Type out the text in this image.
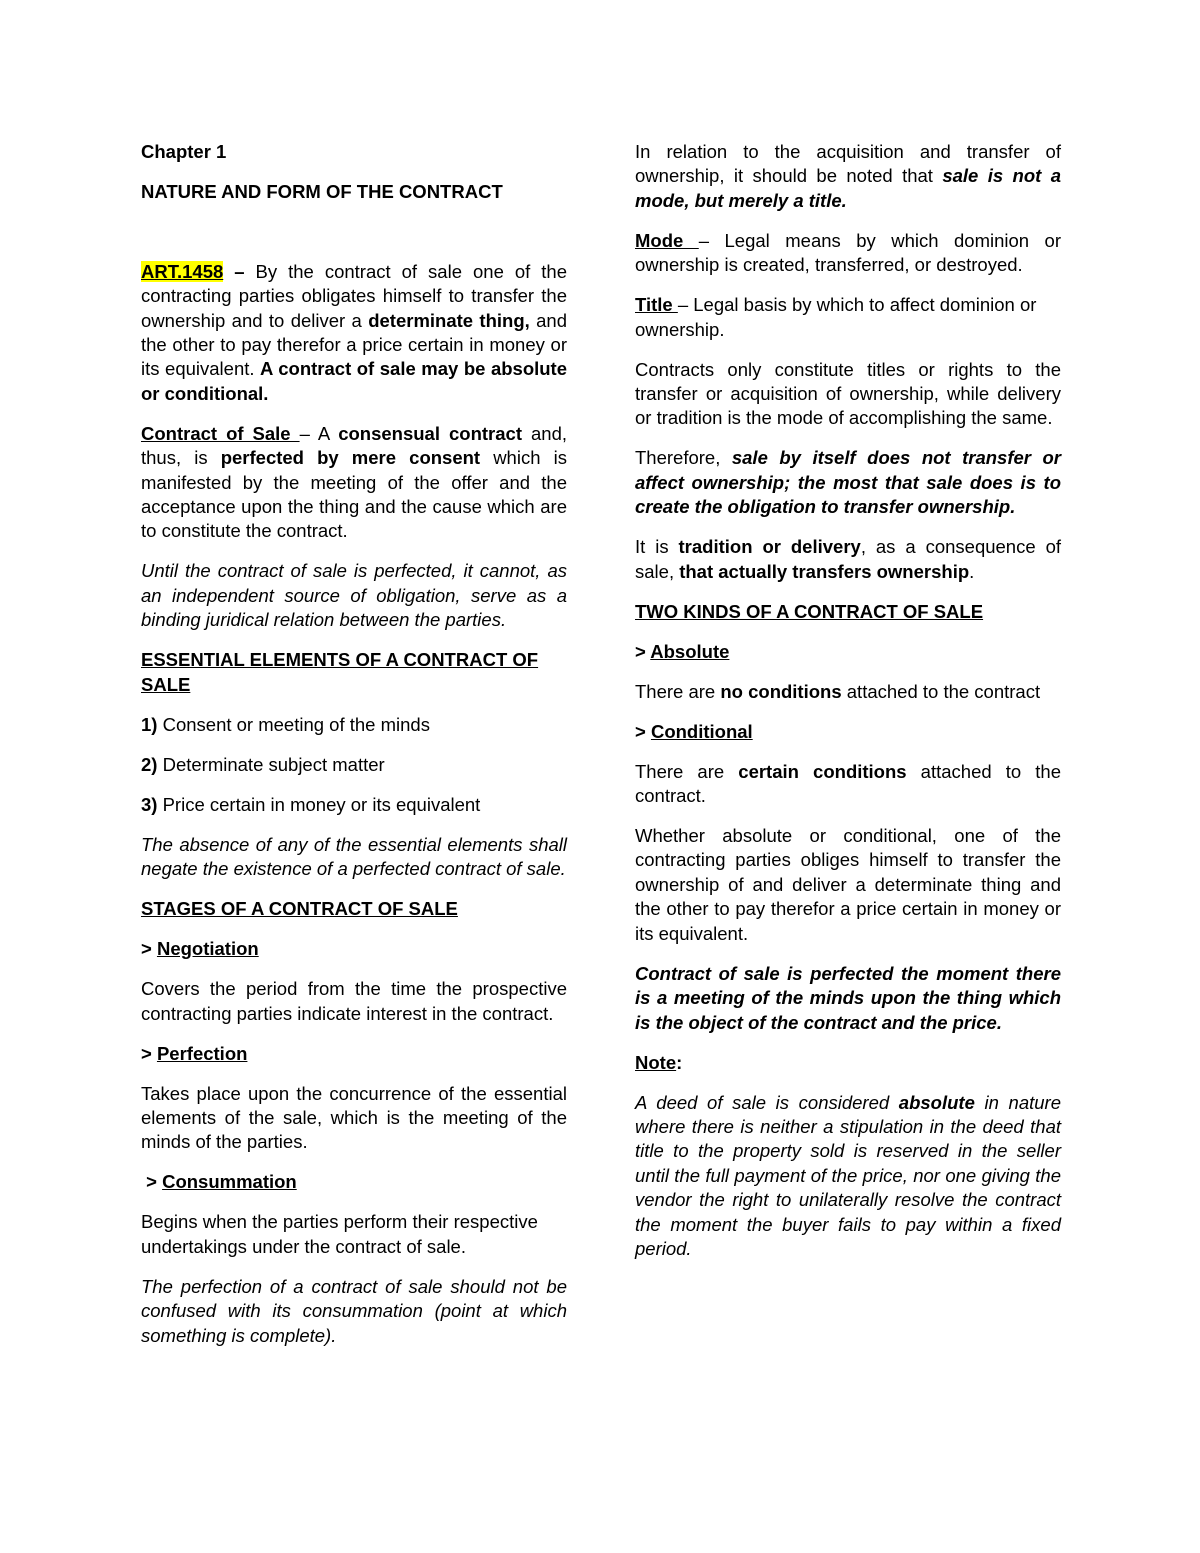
Chapter 1

NATURE AND FORM OF THE CONTRACT

ART.1458 – By the contract of sale one of the contracting parties obligates himself to transfer the ownership and to deliver a determinate thing, and the other to pay therefor a price certain in money or its equivalent. A contract of sale may be absolute or conditional.

Contract of Sale – A consensual contract and, thus, is perfected by mere consent which is manifested by the meeting of the offer and the acceptance upon the thing and the cause which are to constitute the contract.

Until the contract of sale is perfected, it cannot, as an independent source of obligation, serve as a binding juridical relation between the parties.

ESSENTIAL ELEMENTS OF A CONTRACT OF SALE

1) Consent or meeting of the minds

2) Determinate subject matter

3) Price certain in money or its equivalent

The absence of any of the essential elements shall negate the existence of a perfected contract of sale.

STAGES OF A CONTRACT OF SALE

> Negotiation

Covers the period from the time the prospective contracting parties indicate interest in the contract.

> Perfection

Takes place upon the concurrence of the essential elements of the sale, which is the meeting of the minds of the parties.

> Consummation

Begins when the parties perform their respective undertakings under the contract of sale.

The perfection of a contract of sale should not be confused with its consummation (point at which something is complete).

In relation to the acquisition and transfer of ownership, it should be noted that sale is not a mode, but merely a title.

Mode – Legal means by which dominion or ownership is created, transferred, or destroyed.

Title – Legal basis by which to affect dominion or ownership.

Contracts only constitute titles or rights to the transfer or acquisition of ownership, while delivery or tradition is the mode of accomplishing the same.

Therefore, sale by itself does not transfer or affect ownership; the most that sale does is to create the obligation to transfer ownership.

It is tradition or delivery, as a consequence of sale, that actually transfers ownership.

TWO KINDS OF A CONTRACT OF SALE

> Absolute

There are no conditions attached to the contract

> Conditional

There are certain conditions attached to the contract.

Whether absolute or conditional, one of the contracting parties obliges himself to transfer the ownership of and deliver a determinate thing and the other to pay therefor a price certain in money or its equivalent.

Contract of sale is perfected the moment there is a meeting of the minds upon the thing which is the object of the contract and the price.

Note:

A deed of sale is considered absolute in nature where there is neither a stipulation in the deed that title to the property sold is reserved in the seller until the full payment of the price, nor one giving the vendor the right to unilaterally resolve the contract the moment the buyer fails to pay within a fixed period.
